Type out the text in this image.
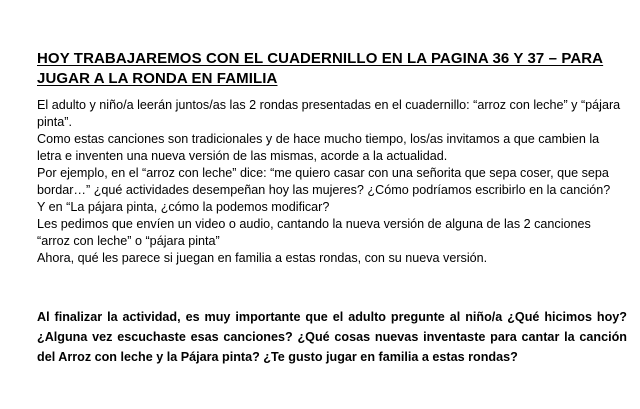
HOY TRABAJAREMOS CON EL CUADERNILLO EN LA PAGINA 36 Y 37 – PARA JUGAR A LA RONDA EN FAMILIA

El adulto y niño/a leerán juntos/as las 2 rondas presentadas en el cuadernillo: “arroz con leche” y “pájara pinta”.

Como estas canciones son tradicionales y de hace mucho tiempo, los/as invitamos a que cambien la letra e inventen una nueva versión de las mismas, acorde a la actualidad.

Por ejemplo, en el “arroz con leche” dice: “me quiero casar con una señorita que sepa coser, que sepa bordar…” ¿qué actividades desempeñan hoy las mujeres? ¿Cómo podríamos escribirlo en la canción?

Y en “La pájara pinta, ¿cómo la podemos modificar?

Les pedimos que envíen un video o audio, cantando la nueva versión de alguna de las 2 canciones “arroz con leche” o “pájara pinta”

Ahora, qué les parece si juegan en familia a estas rondas, con su nueva versión.

Al finalizar la actividad, es muy importante que el adulto pregunte al niño/a ¿Qué hicimos hoy? ¿Alguna vez escuchaste esas canciones? ¿Qué cosas nuevas inventaste para cantar la canción del Arroz con leche y la Pájara pinta? ¿Te gusto jugar en familia a estas rondas?
